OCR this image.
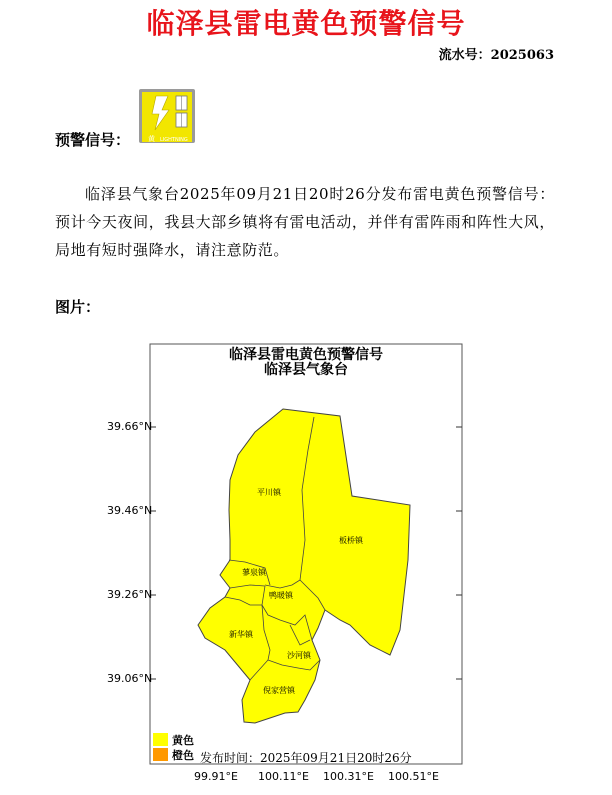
临泽县雷电黄色预警信号
流水号：2025063
预警信号：	黄 LIGHTNING
临泽县气象台2025年09月21日20时26分发布雷电黄色预警信号：预计今天夜间，我县大部乡镇将有雷电活动，并伴有雷阵雨和阵性大风，局地有短时强降水，请注意防范。
图片：
临泽县雷电黄色预警信号
临泽县气象台
39.66°N
39.46°N
39.26°N
39.06°N
99.91°E 100.11°E 100.31°E 100.51°E
平川镇
板桥镇
蓼泉镇
鸭暖镇
新华镇
沙河镇
倪家营镇
黄色
橙色 发布时间：2025年09月21日20时26分
